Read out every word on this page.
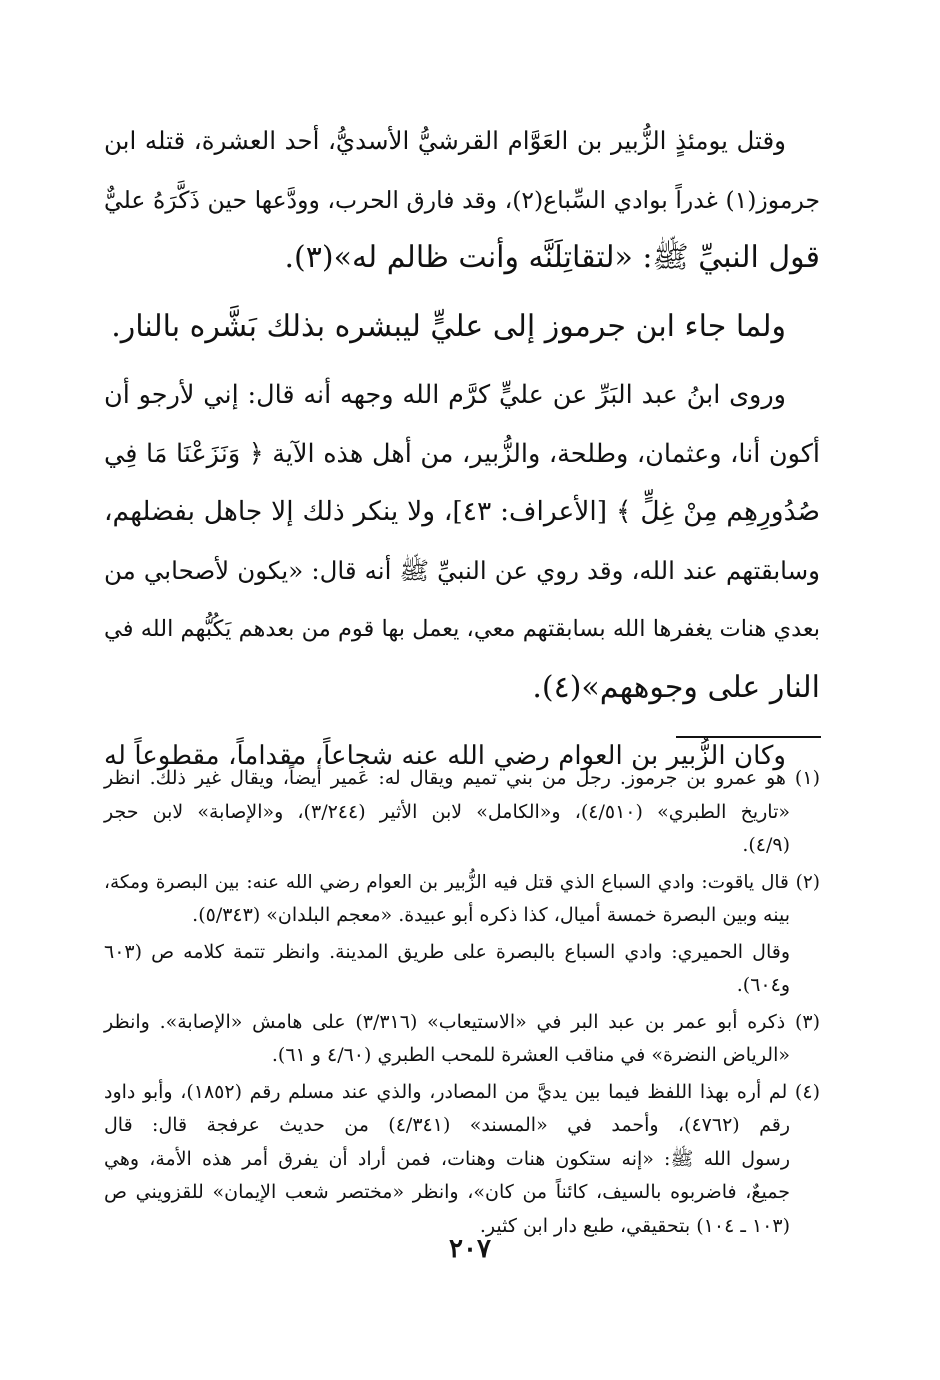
وقتل يومئذٍ الزُّبير بن العَوَّام القرشيُّ الأسديُّ، أحد العشرة، قتله ابن
جرموز(١) غدراً بوادي السِّباع(٢)، وقد فارق الحرب، وودَّعها حين ذَكَّرَهُ عليٌّ
قول النبيِّ ﷺ: «لتقاتِلَنَّه وأنت ظالم له»(٣).

ولما جاء ابن جرموز إلى عليٍّ ليبشره بذلك بَشَّره بالنار.

وروى ابنُ عبد البَرِّ عن عليٍّ كرَّم الله وجهه أنه قال: إني لأرجو أن
أكون أنا، وعثمان، وطلحة، والزُّبير، من أهل هذه الآية ﴿ وَنَزَعْنَا مَا فِي
صُدُورِهِم مِنْ غِلٍّ ﴾ [الأعراف: ٤٣]، ولا ينكر ذلك إلا جاهل بفضلهم،
وسابقتهم عند الله، وقد روي عن النبيِّ ﷺ أنه قال: «يكون لأصحابي من
بعدي هنات يغفرها الله بسابقتهم معي، يعمل بها قوم من بعدهم يَكُبُّهم الله في
النار على وجوههم»(٤).

وكان الزُّبير بن العوام رضي الله عنه شجاعاً، مقداماً، مقطوعاً له

(١) هو عمرو بن جرموز. رجل من بني تميم ويقال له: عَمير أيضاً، ويقال غير ذلك. انظر
«تاريخ الطبري» (٤/٥١٠)، و«الكامل» لابن الأثير (٣/٢٤٤)، و«الإصابة» لابن حجر
(٤/٩).

(٢) قال ياقوت: وادي السباع الذي قتل فيه الزُّبير بن العوام رضي الله عنه: بين البصرة ومكة،
بينه وبين البصرة خمسة أميال، كذا ذكره أبو عبيدة. «معجم البلدان» (٥/٣٤٣).

وقال الحميري: وادي السباع بالبصرة على طريق المدينة. وانظر تتمة كلامه ص (٦٠٣
و٦٠٤).

(٣) ذكره أبو عمر بن عبد البر في «الاستيعاب» (٣/٣١٦) على هامش «الإصابة». وانظر
«الرياض النضرة» في مناقب العشرة للمحب الطبري (٤/٦٠ و ٦١).

(٤) لم أره بهذا اللفظ فيما بين يديَّ من المصادر، والذي عند مسلم رقم (١٨٥٢)، وأبو داود
رقم (٤٧٦٢)، وأحمد في «المسند» (٤/٣٤١) من حديث عرفجة قال: قال
رسول الله ﷺ: «إنه ستكون هنات وهنات، فمن أراد أن يفرق أمر هذه الأمة، وهي
جميعٌ، فاضربوه بالسيف، كائناً من كان»، وانظر «مختصر شعب الإيمان» للقزويني ص
(١٠٣ ـ ١٠٤) بتحقيقي، طبع دار ابن كثير.

٢٠٧
